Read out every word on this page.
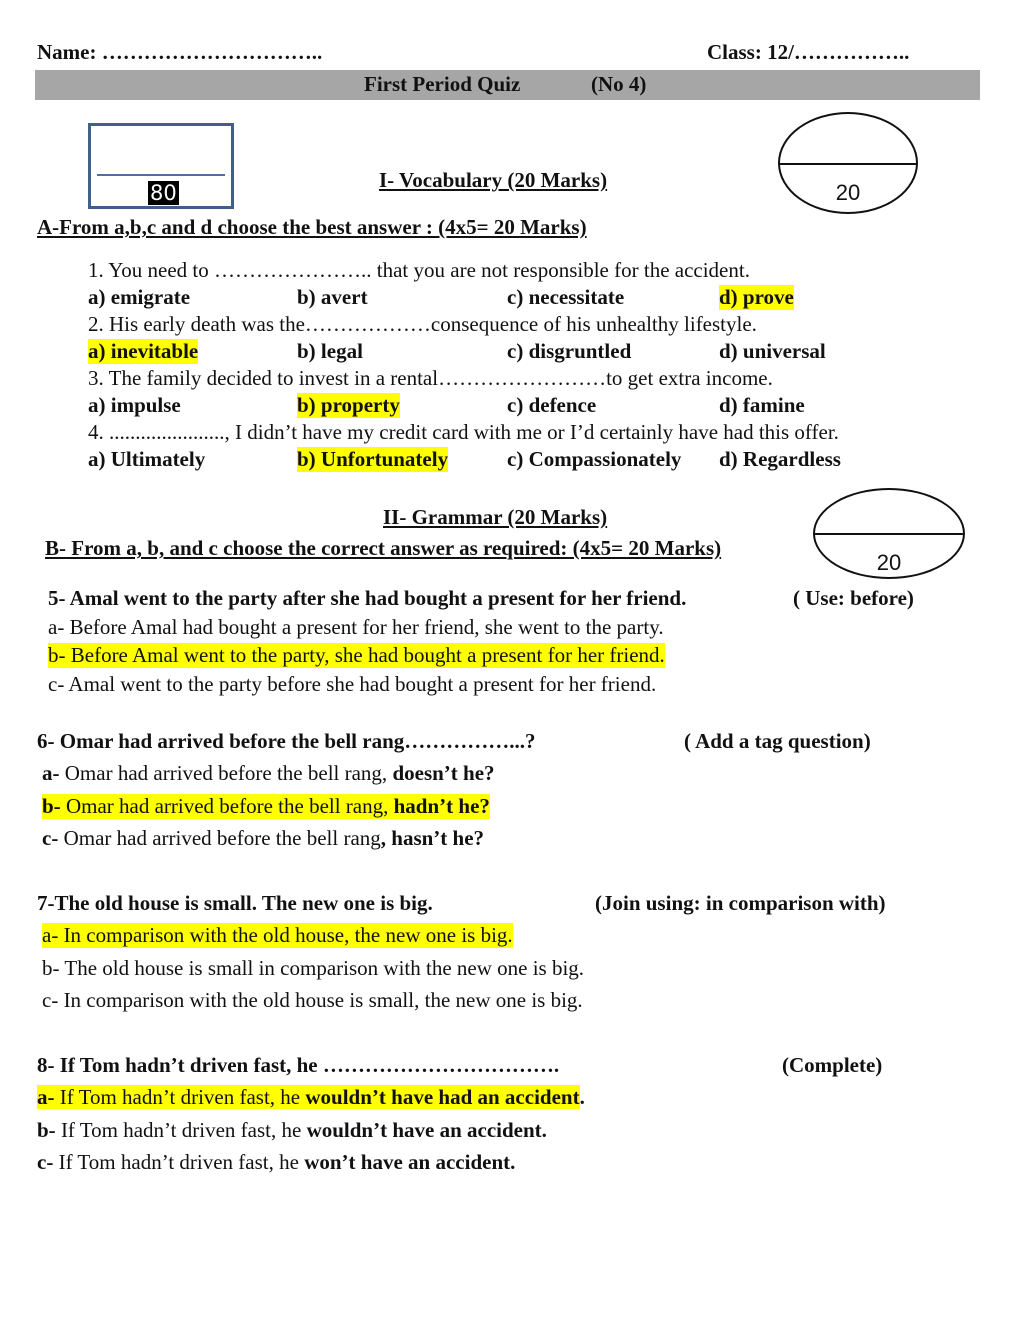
Name: …………………………..	Class: 12/……………..
First Period Quiz	(No 4)
80	20
I- Vocabulary (20 Marks)
A-From a,b,c and d choose the best answer : (4x5= 20 Marks)
1. You need to ………………….. that you are not responsible for the accident.
a) emigrate	b) avert	c) necessitate	d) prove
2. His early death was the………………consequence of his unhealthy lifestyle.
a) inevitable	b) legal	c) disgruntled	d) universal
3. The family decided to invest in a rental……………………to get extra income.
a) impulse	b) property	c) defence	d) famine
4. ......................, I didn’t have my credit card with me or I’d certainly have had this offer.
a) Ultimately	b) Unfortunately	c) Compassionately d) Regardless
20
II- Grammar (20 Marks)
B- From a, b, and c choose the correct answer as required: (4x5= 20 Marks)
5- Amal went to the party after she had bought a present for her friend.	( Use: before)
a- Before Amal had bought a present for her friend, she went to the party.
b- Before Amal went to the party, she had bought a present for her friend.
c- Amal went to the party before she had bought a present for her friend.
6- Omar had arrived before the bell rang……………...?	( Add a tag question)
a- Omar had arrived before the bell rang, doesn’t he?
b- Omar had arrived before the bell rang, hadn’t he?
c- Omar had arrived before the bell rang, hasn’t he?
7-The old house is small. The new one is big.	(Join using: in comparison with)
a- In comparison with the old house, the new one is big.
b- The old house is small in comparison with the new one is big.
c- In comparison with the old house is small, the new one is big.
8- If Tom hadn’t driven fast, he …………………………….	(Complete)
a- If Tom hadn’t driven fast, he wouldn’t have had an accident.
b- If Tom hadn’t driven fast, he wouldn’t have an accident.
c- If Tom hadn’t driven fast, he won’t have an accident.
